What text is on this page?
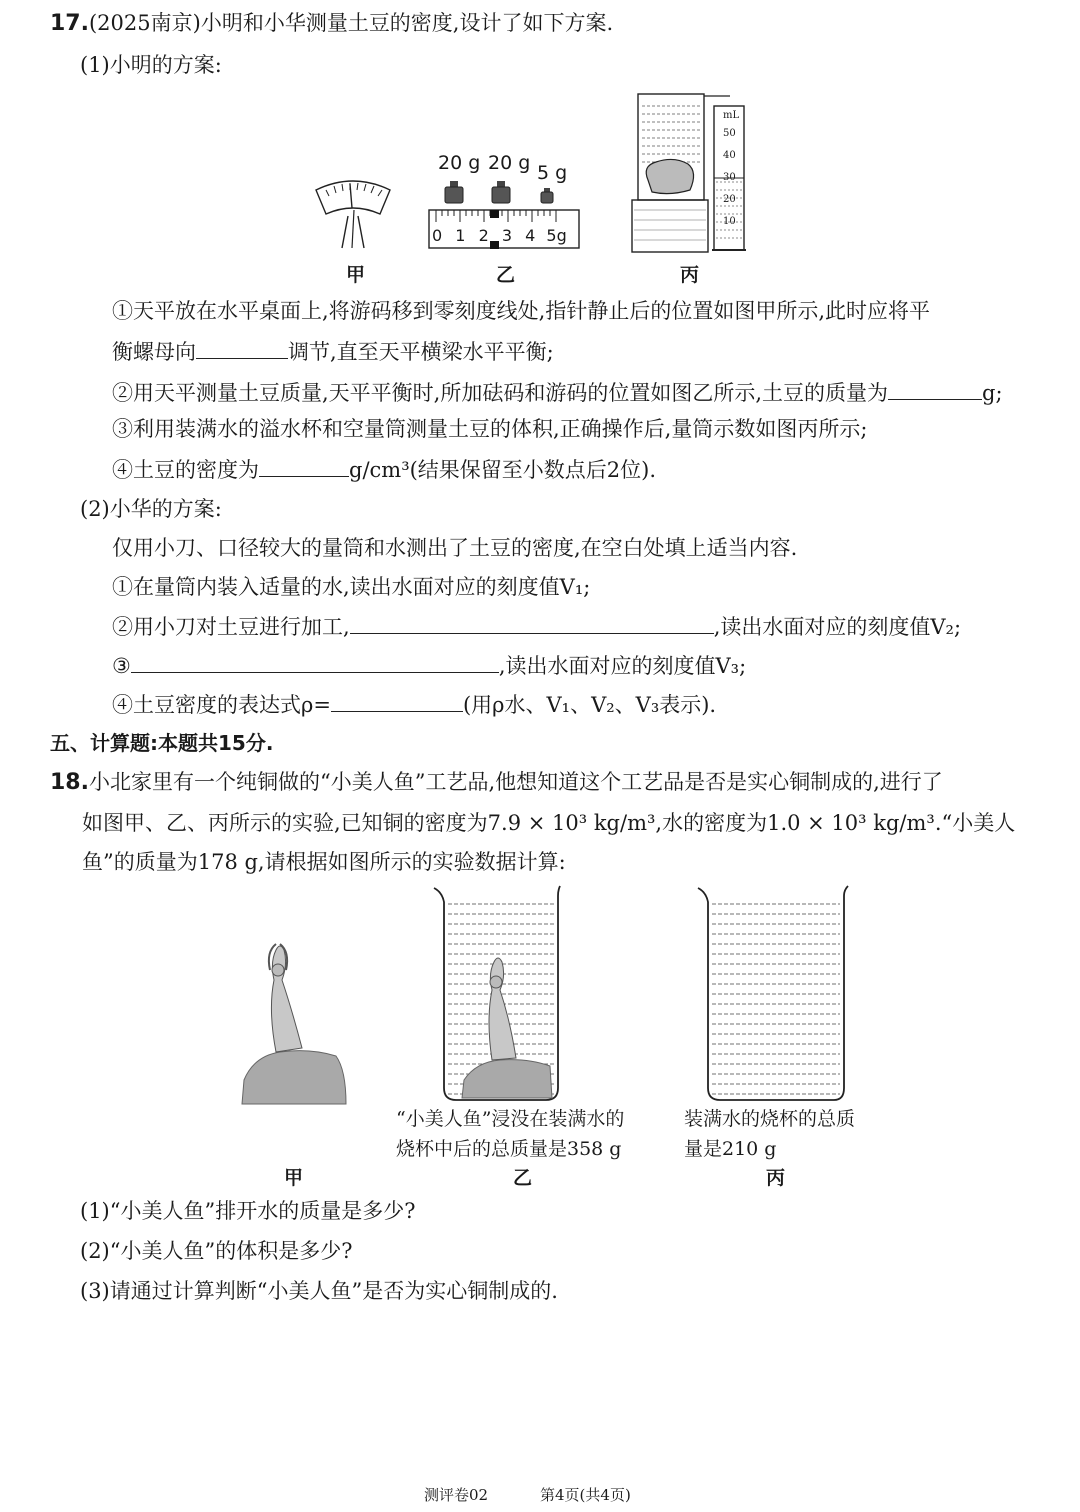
17.(2025南京)小明和小华测量土豆的密度,设计了如下方案.
(1)小明的方案:
20 g 20 g 5 g
0 1 2 3 4 5g
mL
50
40
30
20
10
甲	乙	丙
①天平放在水平桌面上,将游码移到零刻度线处,指针静止后的位置如图甲所示,此时应将平
衡螺母向	调节,直至天平横梁水平平衡;
②用天平测量土豆质量,天平平衡时,所加砝码和游码的位置如图乙所示,土豆的质量为	g;
③利用装满水的溢水杯和空量筒测量土豆的体积,正确操作后,量筒示数如图丙所示;
④土豆的密度为	g/cm³(结果保留至小数点后2位).
(2)小华的方案:
仅用小刀、口径较大的量筒和水测出了土豆的密度,在空白处填上适当内容.
①在量筒内装入适量的水,读出水面对应的刻度值V₁;
②用小刀对土豆进行加工,	,读出水面对应的刻度值V₂;
③	,读出水面对应的刻度值V₃;
④土豆密度的表达式ρ=	(用ρ水、V₁、V₂、V₃表示).
五、计算题:本题共15分.
18.小北家里有一个纯铜做的“小美人鱼”工艺品,他想知道这个工艺品是否是实心铜制成的,进行了
如图甲、乙、丙所示的实验,已知铜的密度为7.9 × 10³ kg/m³,水的密度为1.0 × 10³ kg/m³.“小美人
鱼”的质量为178 g,请根据如图所示的实验数据计算:
“小美人鱼”浸没在装满水的
烧杯中后的总质量是358 g
装满水的烧杯的总质
量是210 g
甲	乙	丙
(1)“小美人鱼”排开水的质量是多少?
(2)“小美人鱼”的体积是多少?
(3)请通过计算判断“小美人鱼”是否为实心铜制成的.
测评卷02	第4页(共4页)
